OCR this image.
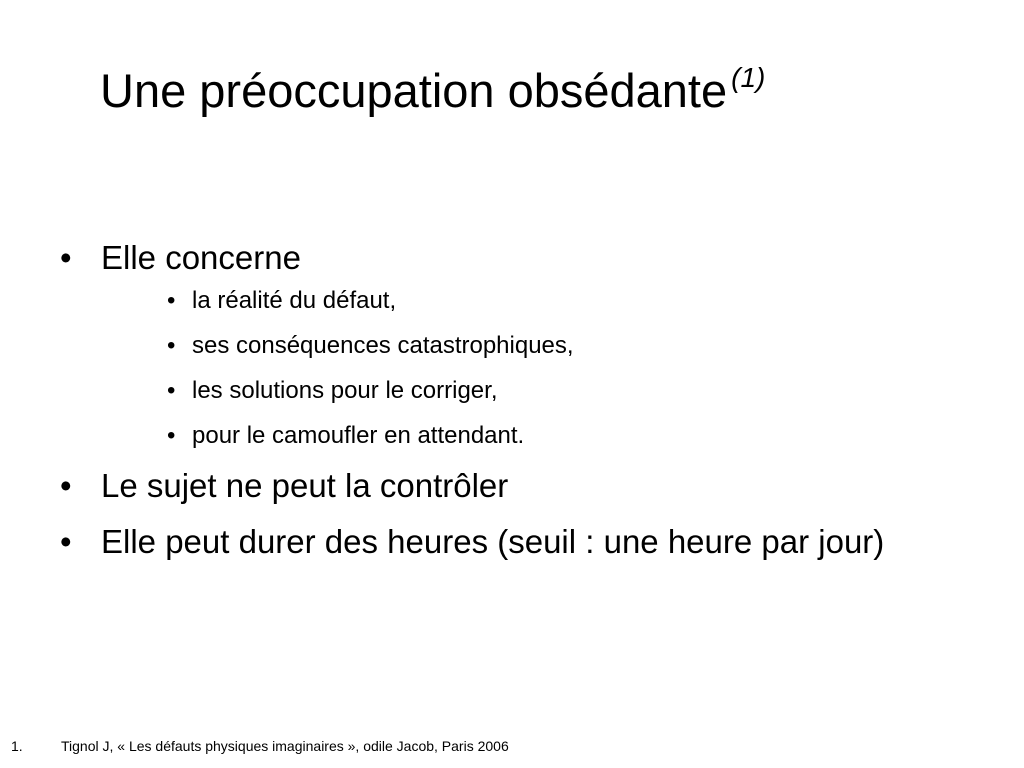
Une préoccupation obsédante $^{(1)}$
• Elle concerne
• la réalité du défaut,
• ses conséquences catastrophiques,
• les solutions pour le corriger,
• pour le camoufler en attendant.
• Le sujet ne peut la contrôler
• Elle peut durer des heures (seuil : une heure par jour)
1.	Tignol J, « Les défauts physiques imaginaires », odile Jacob, Paris 2006
